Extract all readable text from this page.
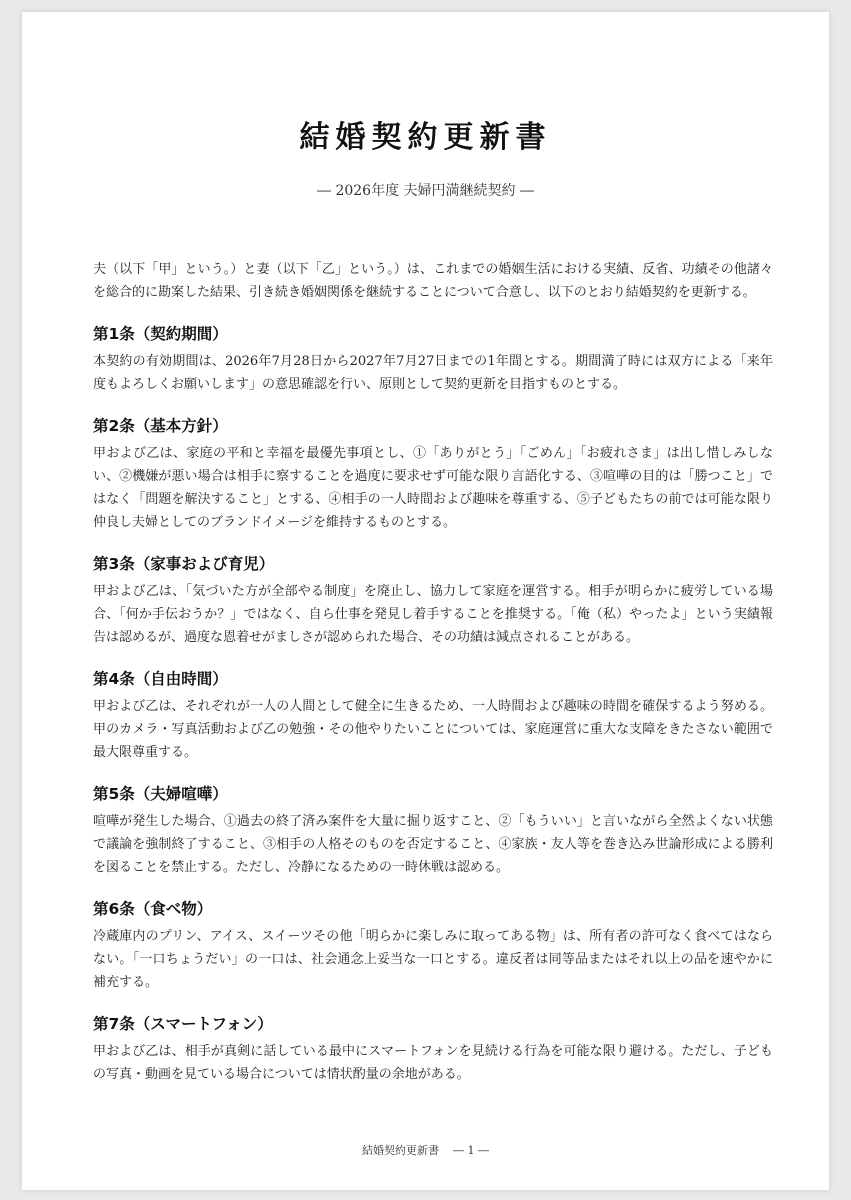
結婚契約更新書
― 2026年度 夫婦円満継続契約 ―

夫（以下「甲」という。）と妻（以下「乙」という。）は、これまでの婚姻生活における実績、反省、功績その他諸々を総合的に勘案した結果、引き続き婚姻関係を継続することについて合意し、以下のとおり結婚契約を更新する。

第1条（契約期間）

本契約の有効期間は、2026年7月28日から2027年7月27日までの1年間とする。期間満了時には双方による「来年度もよろしくお願いします」の意思確認を行い、原則として契約更新を目指すものとする。

第2条（基本方針）

甲および乙は、家庭の平和と幸福を最優先事項とし、①「ありがとう」「ごめん」「お疲れさま」は出し惜しみしない、②機嫌が悪い場合は相手に察することを過度に要求せず可能な限り言語化する、③喧嘩の目的は「勝つこと」ではなく「問題を解決すること」とする、④相手の一人時間および趣味を尊重する、⑤子どもたちの前では可能な限り仲良し夫婦としてのブランドイメージを維持するものとする。

第3条（家事および育児）

甲および乙は、「気づいた方が全部やる制度」を廃止し、協力して家庭を運営する。相手が明らかに疲労している場合、「何か手伝おうか？」ではなく、自ら仕事を発見し着手することを推奨する。「俺（私）やったよ」という実績報告は認めるが、過度な恩着せがましさが認められた場合、その功績は減点されることがある。

第4条（自由時間）

甲および乙は、それぞれが一人の人間として健全に生きるため、一人時間および趣味の時間を確保するよう努める。甲のカメラ・写真活動および乙の勉強・その他やりたいことについては、家庭運営に重大な支障をきたさない範囲で最大限尊重する。

第5条（夫婦喧嘩）

喧嘩が発生した場合、①過去の終了済み案件を大量に掘り返すこと、②「もういい」と言いながら全然よくない状態で議論を強制終了すること、③相手の人格そのものを否定すること、④家族・友人等を巻き込み世論形成による勝利を図ることを禁止する。ただし、冷静になるための一時休戦は認める。

第6条（食べ物）

冷蔵庫内のプリン、アイス、スイーツその他「明らかに楽しみに取ってある物」は、所有者の許可なく食べてはならない。「一口ちょうだい」の一口は、社会通念上妥当な一口とする。違反者は同等品またはそれ以上の品を速やかに補充する。

第7条（スマートフォン）

甲および乙は、相手が真剣に話している最中にスマートフォンを見続ける行為を可能な限り避ける。ただし、子どもの写真・動画を見ている場合については情状酌量の余地がある。

結婚契約更新書 ― 1 ―
